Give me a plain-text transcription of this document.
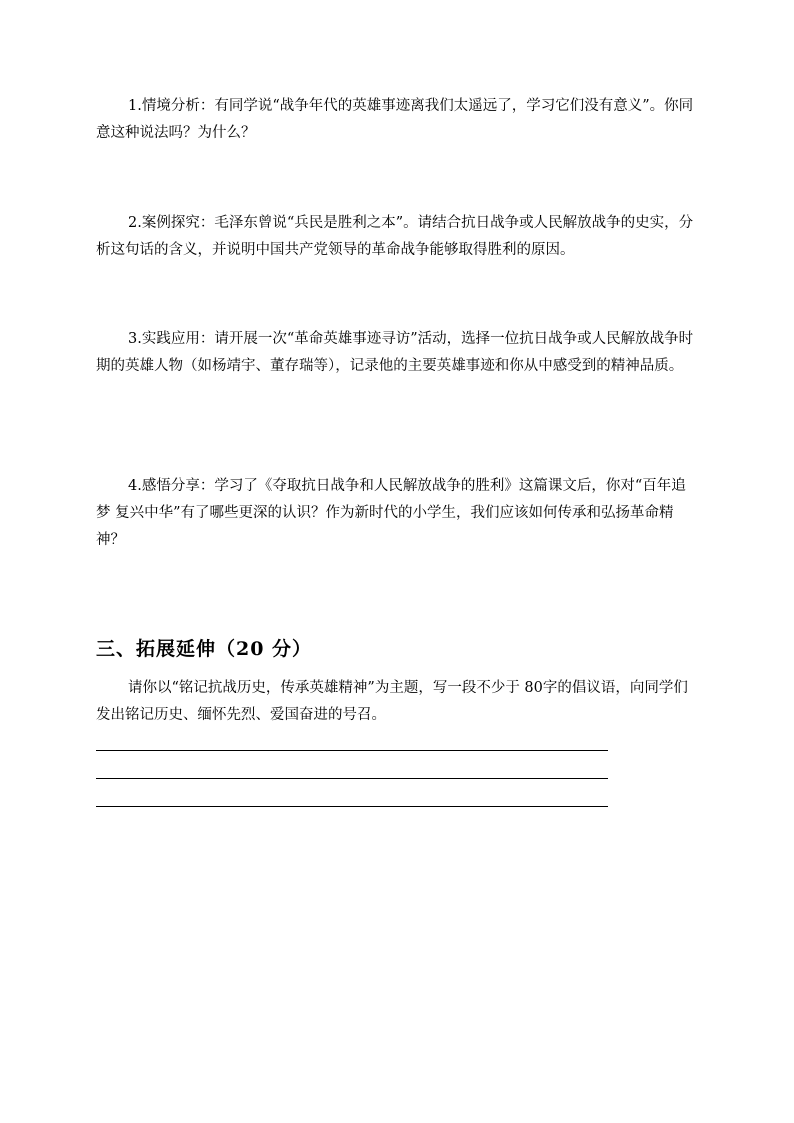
1.情境分析：有同学说“战争年代的英雄事迹离我们太遥远了，学习它们没有意义”。你同意这种说法吗？为什么？

2.案例探究：毛泽东曾说“兵民是胜利之本”。请结合抗日战争或人民解放战争的史实，分析这句话的含义，并说明中国共产党领导的革命战争能够取得胜利的原因。

3.实践应用：请开展一次“革命英雄事迹寻访”活动，选择一位抗日战争或人民解放战争时期的英雄人物（如杨靖宇、董存瑞等），记录他的主要英雄事迹和你从中感受到的精神品质。

4.感悟分享：学习了《夺取抗日战争和人民解放战争的胜利》这篇课文后，你对“百年追梦 复兴中华”有了哪些更深的认识？作为新时代的小学生，我们应该如何传承和弘扬革命精神？

三、拓展延伸（20 分）

请你以“铭记抗战历史，传承英雄精神”为主题，写一段不少于 80字的倡议语，向同学们发出铭记历史、缅怀先烈、爱国奋进的号召。
